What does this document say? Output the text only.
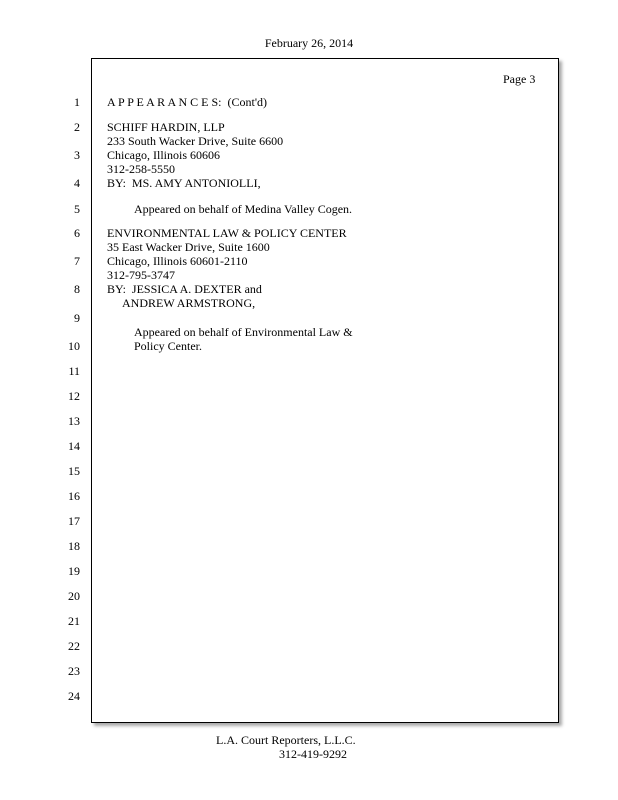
February 26, 2014
Page 3
1
2
3
4
5
6
7
8
9
10
11
12
13
14
15
16
17
18
19
20
21
22
23
24
A P P E A R A N C E S:  (Cont'd)
SCHIFF HARDIN, LLP
233 South Wacker Drive, Suite 6600
Chicago, Illinois 60606
312-258-5550
BY:  MS. AMY ANTONIOLLI,
Appeared on behalf of Medina Valley Cogen.
ENVIRONMENTAL LAW & POLICY CENTER
35 East Wacker Drive, Suite 1600
Chicago, Illinois 60601-2110
312-795-3747
BY:  JESSICA A. DEXTER and
ANDREW ARMSTRONG,
Appeared on behalf of Environmental Law &
Policy Center.
L.A. Court Reporters, L.L.C.
312-419-9292
